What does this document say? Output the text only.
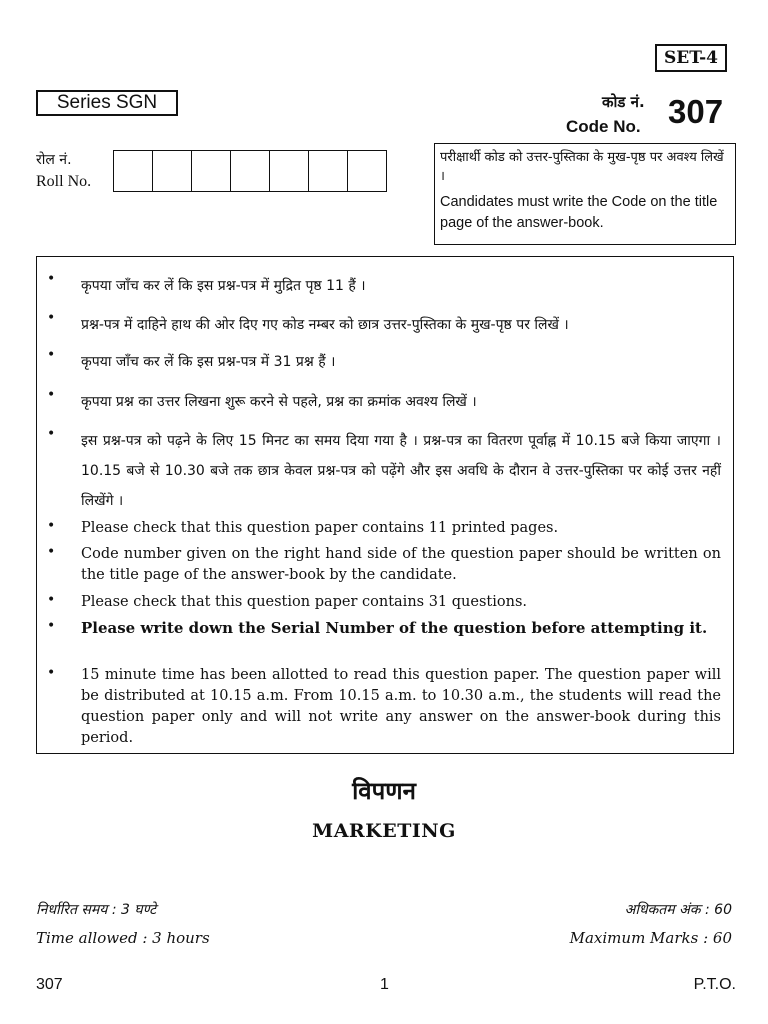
SET-4
Series SGN	कोड नं.
Code No. 307
रोल नं.
Roll No.
परीक्षार्थी कोड को उत्तर-पुस्तिका के मुख-पृष्ठ पर अवश्य लिखें ।
Candidates must write the Code on the title page of the answer-book.
•	कृपया जाँच कर लें कि इस प्रश्न-पत्र में मुद्रित पृष्ठ 11 हैं ।
•	प्रश्न-पत्र में दाहिने हाथ की ओर दिए गए कोड नम्बर को छात्र उत्तर-पुस्तिका के मुख-पृष्ठ पर लिखें ।
•	कृपया जाँच कर लें कि इस प्रश्न-पत्र में 31 प्रश्न हैं ।
•	कृपया प्रश्न का उत्तर लिखना शुरू करने से पहले, प्रश्न का क्रमांक अवश्य लिखें ।
•	इस प्रश्न-पत्र को पढ़ने के लिए 15 मिनट का समय दिया गया है । प्रश्न-पत्र का वितरण पूर्वाह्न में 10.15 बजे किया जाएगा । 10.15 बजे से 10.30 बजे तक छात्र केवल प्रश्न-पत्र को पढ़ेंगे और इस अवधि के दौरान वे उत्तर-पुस्तिका पर कोई उत्तर नहीं लिखेंगे ।
•	Please check that this question paper contains 11 printed pages.
•	Code number given on the right hand side of the question paper should be written on the title page of the answer-book by the candidate.
•	Please check that this question paper contains 31 questions.
•	Please write down the Serial Number of the question before attempting it.
•	15 minute time has been allotted to read this question paper. The question paper will be distributed at 10.15 a.m. From 10.15 a.m. to 10.30 a.m., the students will read the question paper only and will not write any answer on the answer-book during this period.
विपणन
MARKETING
निर्धारित समय : 3 घण्टे
Time allowed : 3 hours
अधिकतम अंक : 60
Maximum Marks : 60
307	1	P.T.O.
